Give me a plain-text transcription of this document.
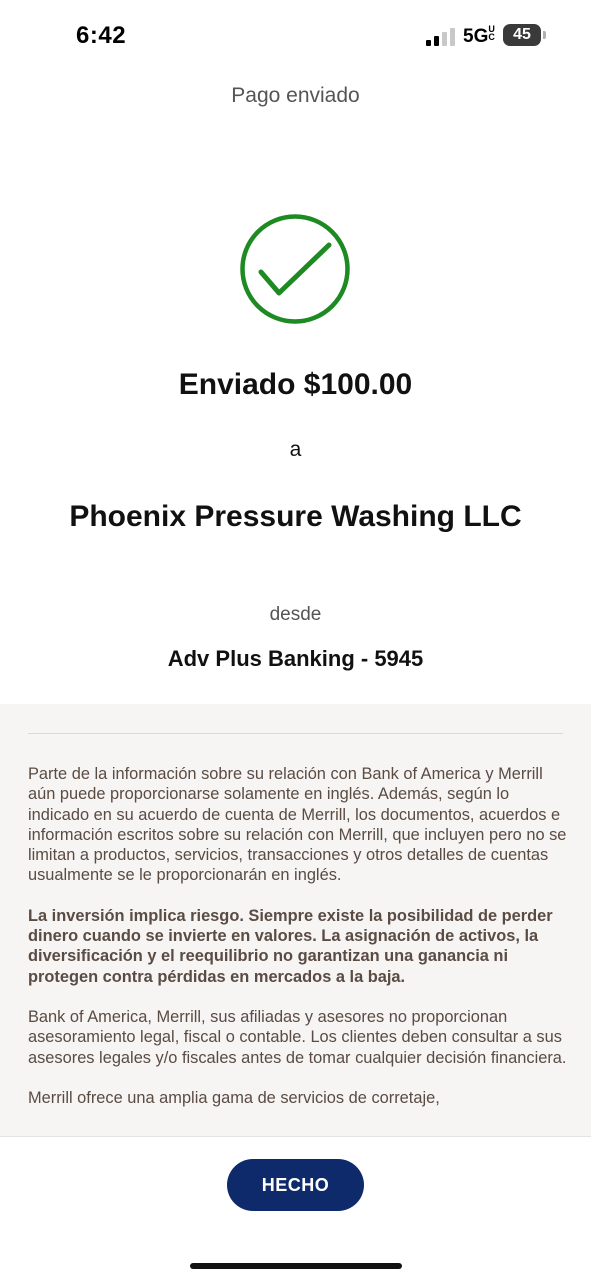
6:42	5GUC	45
Pago enviado
Enviado $100.00
a
Phoenix Pressure Washing LLC
desde
Adv Plus Banking - 5945

Parte de la información sobre su relación con Bank of America y Merrill aún puede proporcionarse solamente en inglés. Además, según lo indicado en su acuerdo de cuenta de Merrill, los documentos, acuerdos e información escritos sobre su relación con Merrill, que incluyen pero no se limitan a productos, servicios, transacciones y otros detalles de cuentas usualmente se le proporcionarán en inglés.

La inversión implica riesgo. Siempre existe la posibilidad de perder dinero cuando se invierte en valores. La asignación de activos, la diversificación y el reequilibrio no garantizan una ganancia ni protegen contra pérdidas en mercados a la baja.

Bank of America, Merrill, sus afiliadas y asesores no proporcionan asesoramiento legal, fiscal o contable. Los clientes deben consultar a sus asesores legales y/o fiscales antes de tomar cualquier decisión financiera.

Merrill ofrece una amplia gama de servicios de corretaje,

HECHO
